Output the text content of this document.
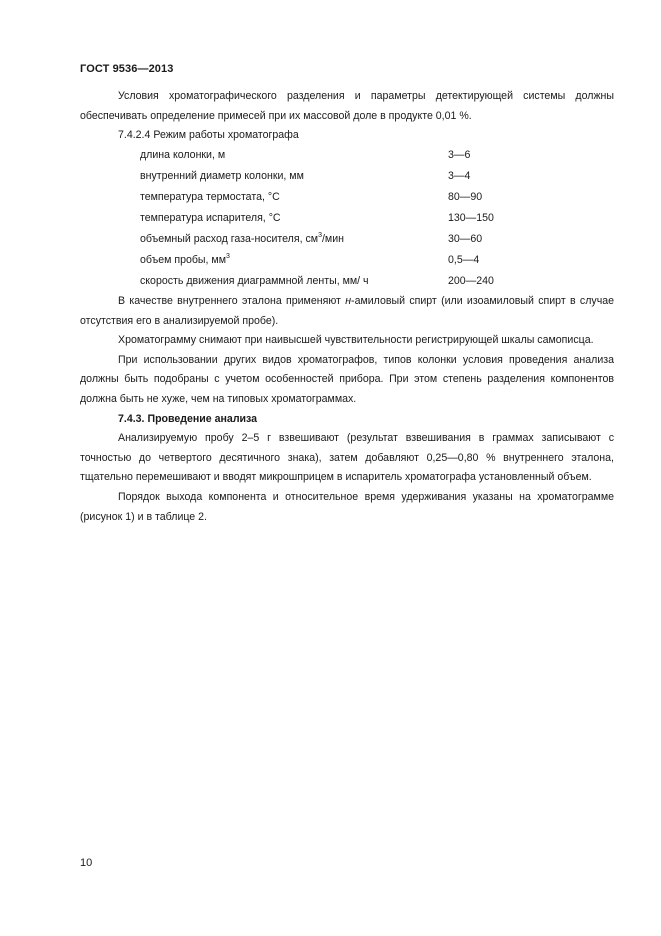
ГОСТ 9536—2013

Условия хроматографического разделения и параметры детектирующей системы должны обеспечивать определение примесей при их массовой доле в продукте 0,01 %.

7.4.2.4 Режим работы хроматографа

длина колонки, м	3—6
внутренний диаметр колонки, мм	3—4
температура термостата, °С	80—90
температура испарителя, °С	130—150
объемный расход газа-носителя, $см^3$/мин	30—60
объем пробы, $мм^3$	0,5—4
скорость движения диаграммной ленты, мм/ ч	200—240

В качестве внутреннего эталона применяют н-амиловый спирт (или изоамиловый спирт в случае отсутствия его в анализируемой пробе).

Хроматограмму снимают при наивысшей чувствительности регистрирующей шкалы самописца.

При использовании других видов хроматографов, типов колонки условия проведения анализа должны быть подобраны с учетом особенностей прибора. При этом степень разделения компонентов должна быть не хуже, чем на типовых хроматограммах.

7.4.3. Проведение анализа

Анализируемую пробу 2–5 г взвешивают (результат взвешивания в граммах записывают с точностью до четвертого десятичного знака), затем добавляют 0,25—0,80 % внутреннего эталона, тщательно перемешивают и вводят микрошприцем в испаритель хроматографа установленный объем.

Порядок выхода компонента и относительное время удерживания указаны на хроматограмме (рисунок 1) и в таблице 2.

10
